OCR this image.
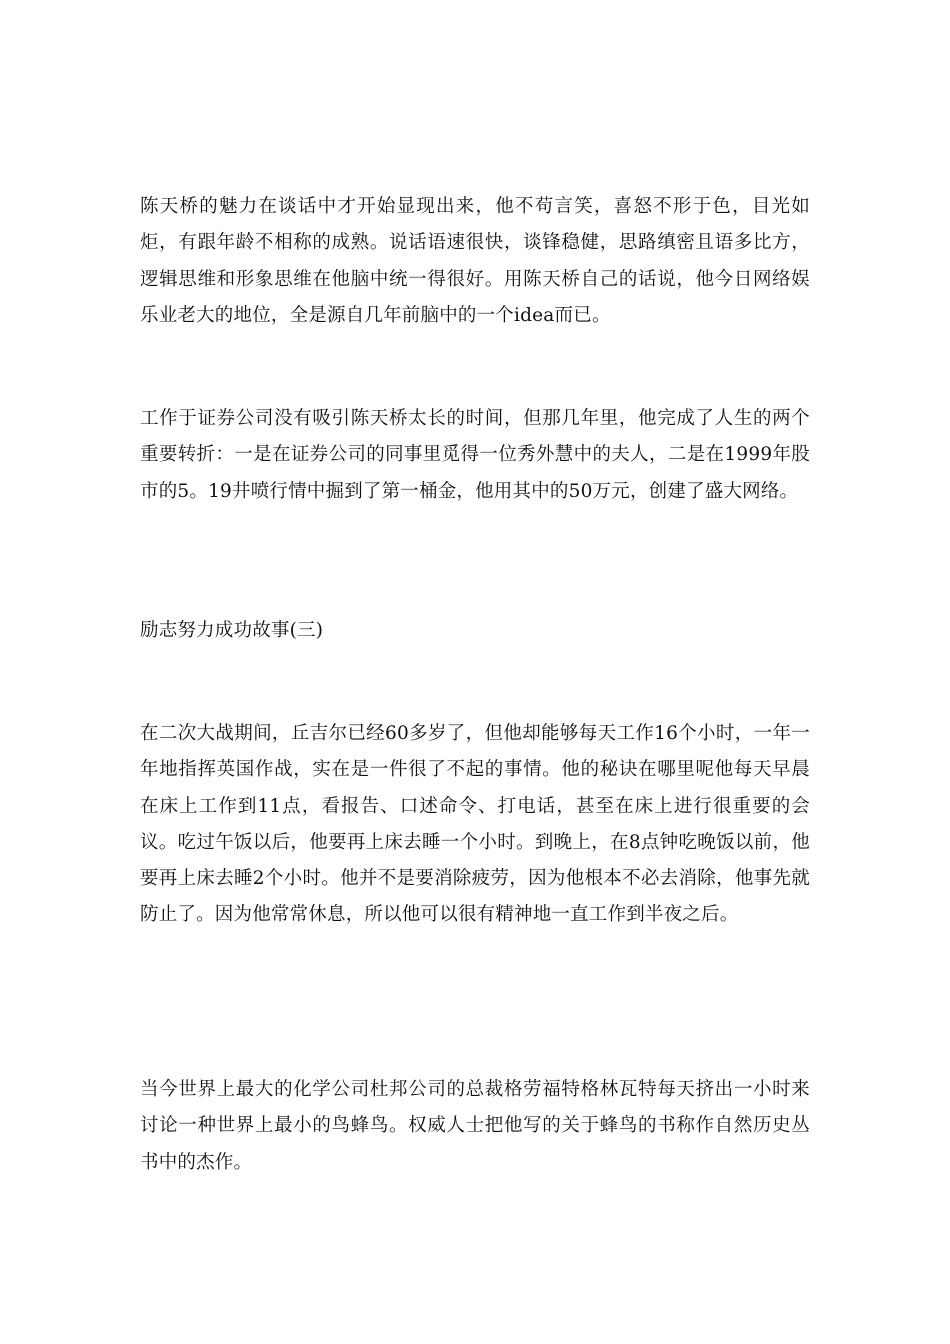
陈天桥的魅力在谈话中才开始显现出来，他不苟言笑，喜怒不形于色，目光如炬，有跟年龄不相称的成熟。说话语速很快，谈锋稳健，思路缜密且语多比方，逻辑思维和形象思维在他脑中统一得很好。用陈天桥自己的话说，他今日网络娱乐业老大的地位，全是源自几年前脑中的一个idea而已。

工作于证券公司没有吸引陈天桥太长的时间，但那几年里，他完成了人生的两个重要转折：一是在证券公司的同事里觅得一位秀外慧中的夫人，二是在1999年股市的5。19井喷行情中掘到了第一桶金，他用其中的50万元，创建了盛大网络。

励志努力成功故事(三)

在二次大战期间，丘吉尔已经60多岁了，但他却能够每天工作16个小时，一年一年地指挥英国作战，实在是一件很了不起的事情。他的秘诀在哪里呢他每天早晨在床上工作到11点，看报告、口述命令、打电话，甚至在床上进行很重要的会议。吃过午饭以后，他要再上床去睡一个小时。到晚上，在8点钟吃晚饭以前，他要再上床去睡2个小时。他并不是要消除疲劳，因为他根本不必去消除，他事先就防止了。因为他常常休息，所以他可以很有精神地一直工作到半夜之后。

当今世界上最大的化学公司杜邦公司的总裁格劳福特格林瓦特每天挤出一小时来讨论一种世界上最小的鸟蜂鸟。权威人士把他写的关于蜂鸟的书称作自然历史丛书中的杰作。
